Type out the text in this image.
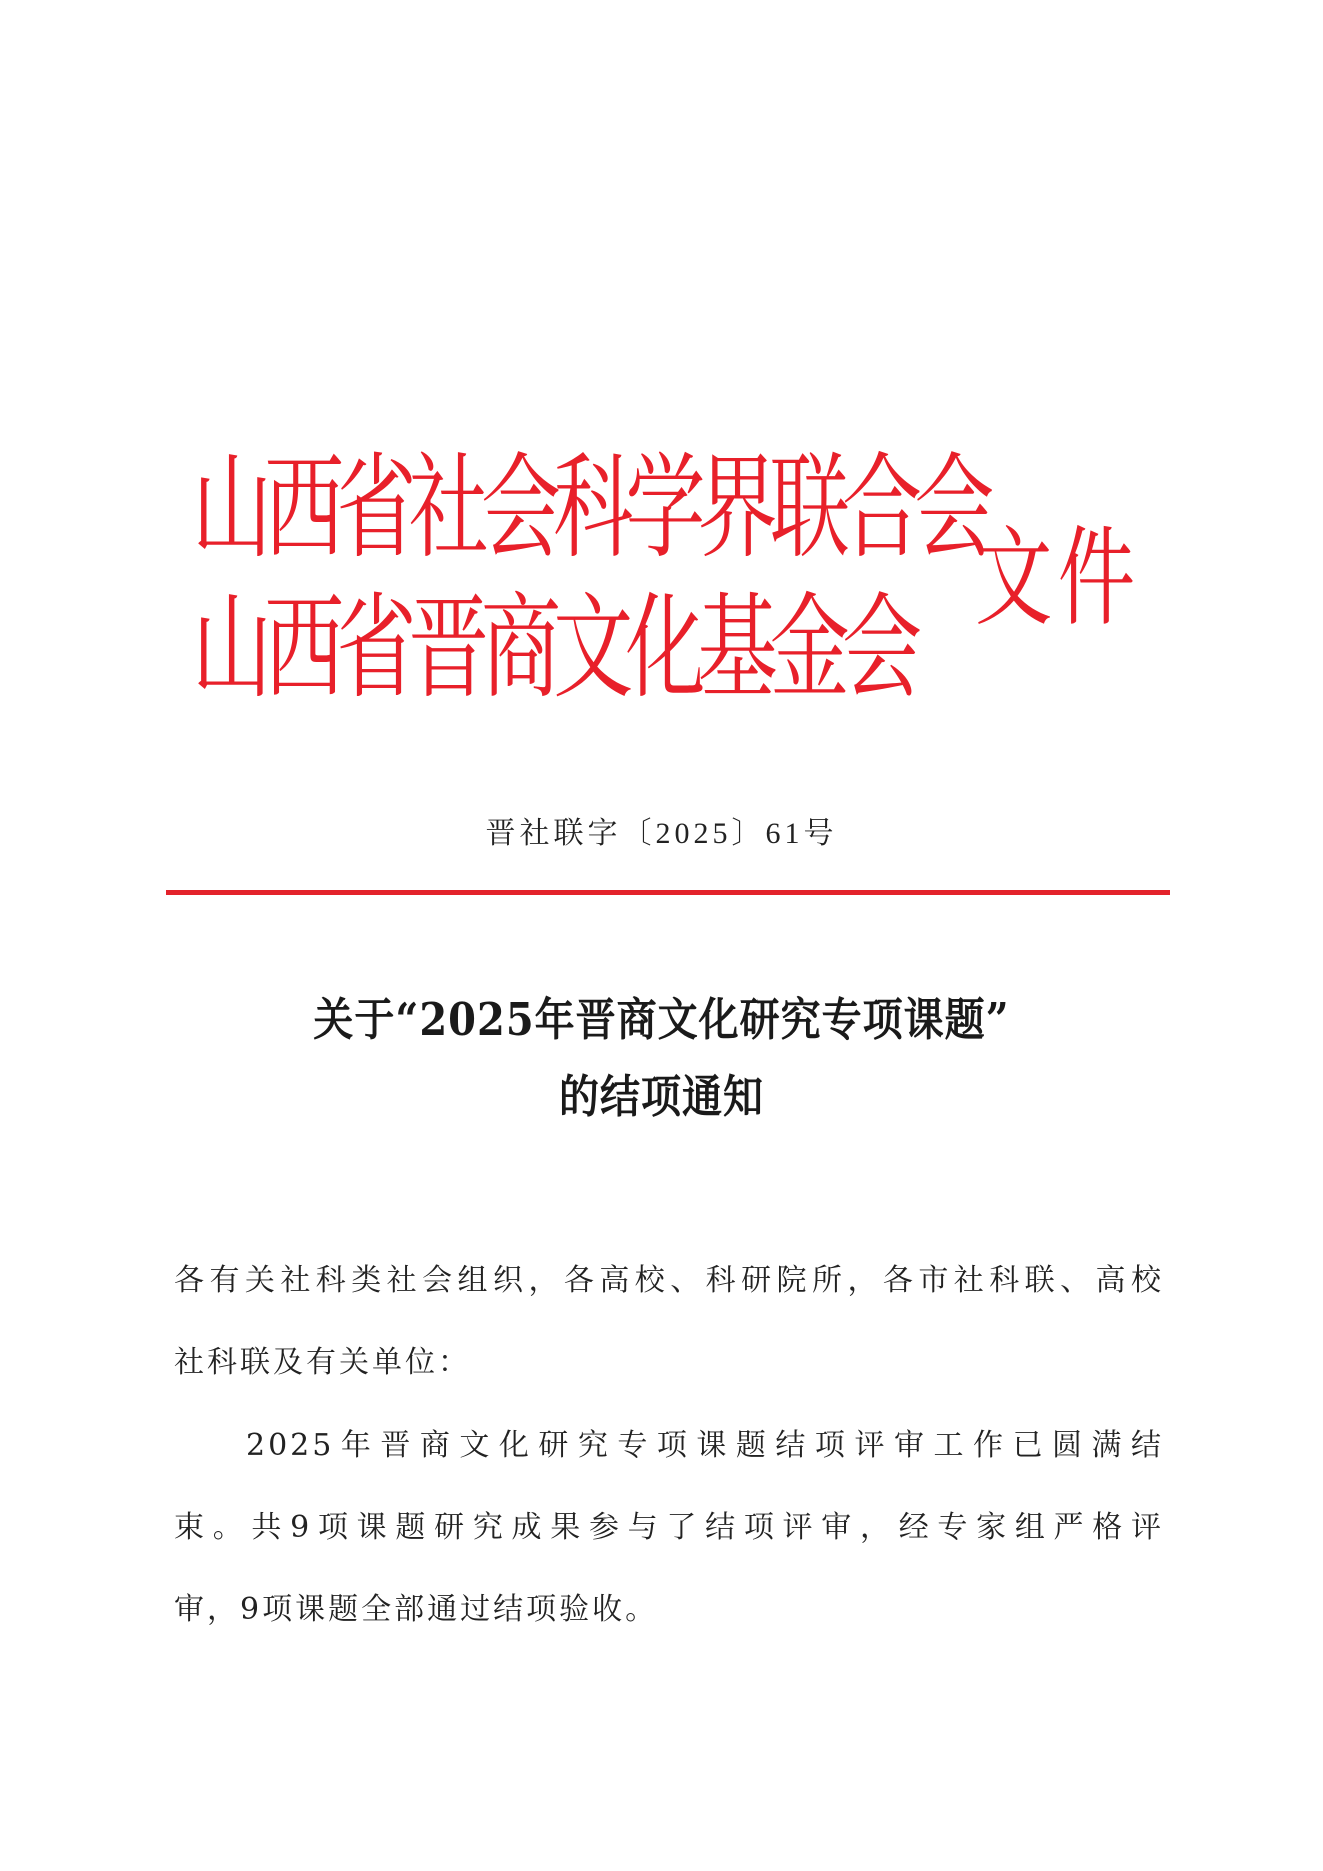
山西省社会科学界联合会
山西省晋商文化基金会
文件
晋社联字〔2025〕61号
关于“2025年晋商文化研究专项课题”
的结项通知
各有关社科类社会组织，各高校、科研院所，各市社科联、高校
社科联及有关单位：
2025年晋商文化研究专项课题结项评审工作已圆满结
束。共9项课题研究成果参与了结项评审，经专家组严格评
审，9项课题全部通过结项验收。
